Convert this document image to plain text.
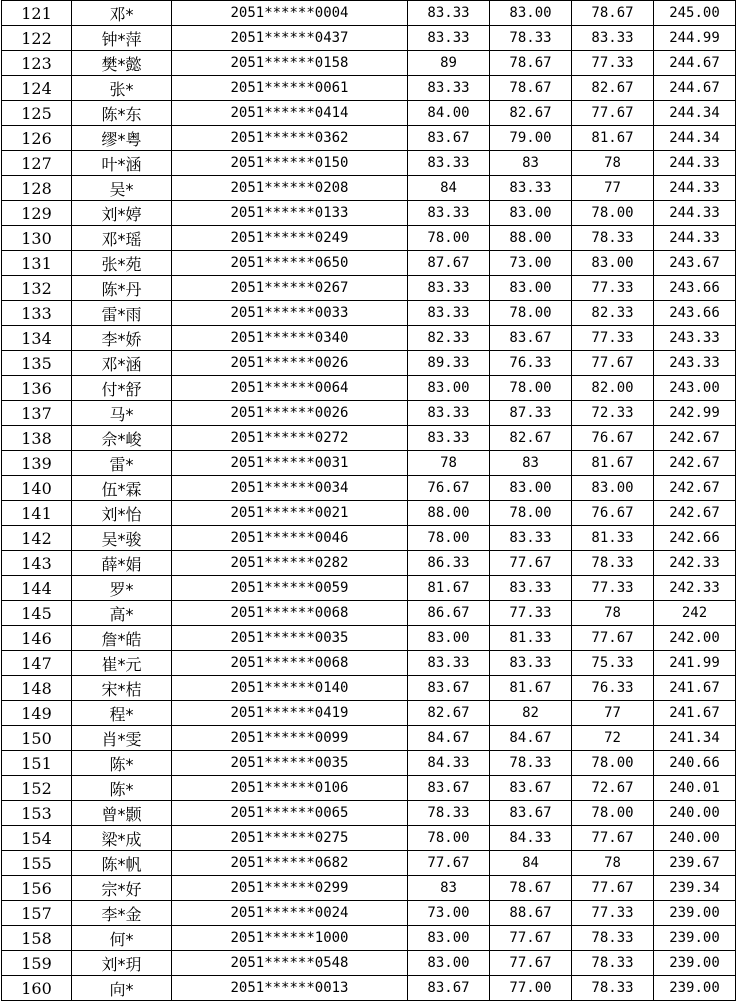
121	邓*	2051******0004	83.33	83.00	78.67	245.00
122	钟*萍	2051******0437	83.33	78.33	83.33	244.99
123	樊*懿	2051******0158	89	78.67	77.33	244.67
124	张*	2051******0061	83.33	78.67	82.67	244.67
125	陈*东	2051******0414	84.00	82.67	77.67	244.34
126	缪*粤	2051******0362	83.67	79.00	81.67	244.34
127	叶*涵	2051******0150	83.33	83	78	244.33
128	吴*	2051******0208	84	83.33	77	244.33
129	刘*婷	2051******0133	83.33	83.00	78.00	244.33
130	邓*瑶	2051******0249	78.00	88.00	78.33	244.33
131	张*苑	2051******0650	87.67	73.00	83.00	243.67
132	陈*丹	2051******0267	83.33	83.00	77.33	243.66
133	雷*雨	2051******0033	83.33	78.00	82.33	243.66
134	李*娇	2051******0340	82.33	83.67	77.33	243.33
135	邓*涵	2051******0026	89.33	76.33	77.67	243.33
136	付*舒	2051******0064	83.00	78.00	82.00	243.00
137	马*	2051******0026	83.33	87.33	72.33	242.99
138	佘*峻	2051******0272	83.33	82.67	76.67	242.67
139	雷*	2051******0031	78	83	81.67	242.67
140	伍*霖	2051******0034	76.67	83.00	83.00	242.67
141	刘*怡	2051******0021	88.00	78.00	76.67	242.67
142	吴*骏	2051******0046	78.00	83.33	81.33	242.66
143	薛*娟	2051******0282	86.33	77.67	78.33	242.33
144	罗*	2051******0059	81.67	83.33	77.33	242.33
145	高*	2051******0068	86.67	77.33	78	242
146	詹*皓	2051******0035	83.00	81.33	77.67	242.00
147	崔*元	2051******0068	83.33	83.33	75.33	241.99
148	宋*桔	2051******0140	83.67	81.67	76.33	241.67
149	程*	2051******0419	82.67	82	77	241.67
150	肖*雯	2051******0099	84.67	84.67	72	241.34
151	陈*	2051******0035	84.33	78.33	78.00	240.66
152	陈*	2051******0106	83.67	83.67	72.67	240.01
153	曾*颢	2051******0065	78.33	83.67	78.00	240.00
154	梁*成	2051******0275	78.00	84.33	77.67	240.00
155	陈*帆	2051******0682	77.67	84	78	239.67
156	宗*好	2051******0299	83	78.67	77.67	239.34
157	李*金	2051******0024	73.00	88.67	77.33	239.00
158	何*	2051******1000	83.00	77.67	78.33	239.00
159	刘*玥	2051******0548	83.00	77.67	78.33	239.00
160	向*	2051******0013	83.67	77.00	78.33	239.00
